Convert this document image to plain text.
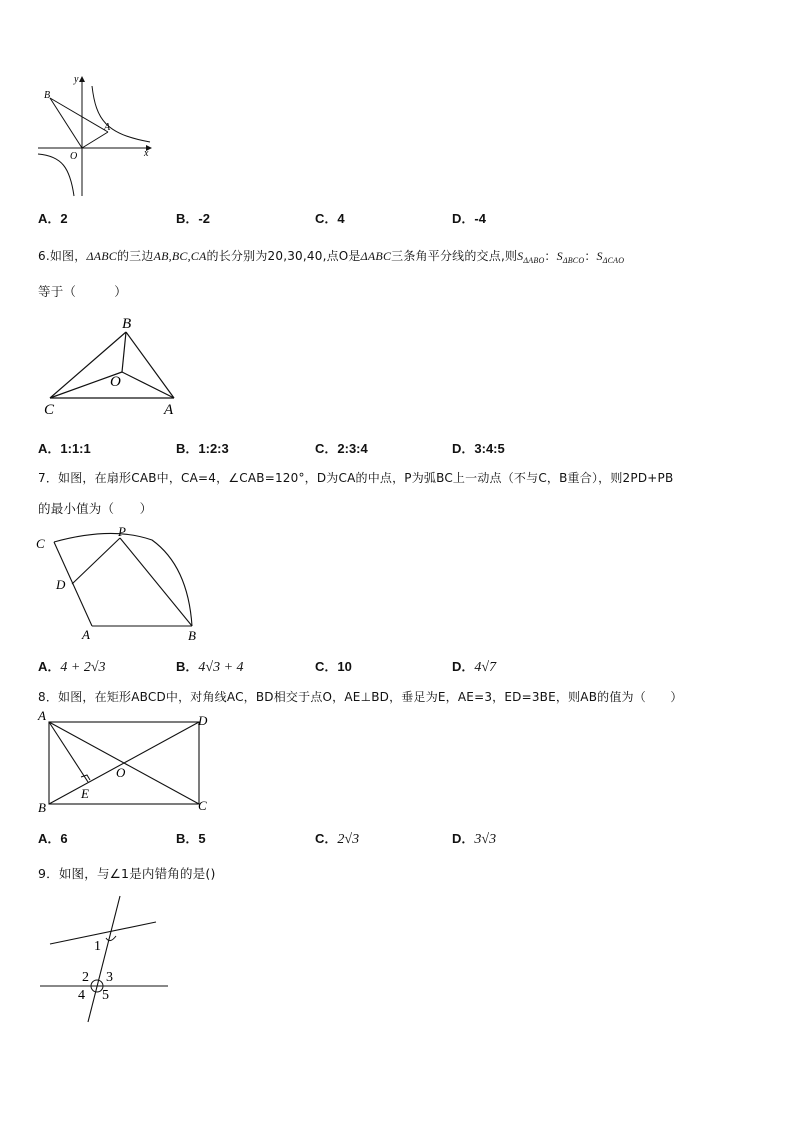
y
x
O
A
B
A．2	B．-2	C．4	D．-4
6.如图，ΔABC的三边AB,BC,CA的长分别为20,30,40,点O是ΔABC三条角平分线的交点,则$S_{\Delta ABO}$：$S_{\Delta BCO}$：$S_{\Delta CAO}$
等于（　　　）
B
C	A
O
A．1:1:1	B．1:2:3	C．2:3:4	D．3:4:5
7．如图，在扇形CAB中，CA=4，∠CAB=120°，D为CA的中点，P为弧BC上一动点（不与C，B重合），则2PD+PB
的最小值为（　　）
C
P
D
A	B
A．4 + 2√3	B．4√3 + 4	C．10	D．4√7
8．如图，在矩形ABCD中，对角线AC，BD相交于点O，AE⊥BD，垂足为E，AE=3，ED=3BE，则AB的值为（　　）
A	D
B	C
O
E
A．6	B．5	C．2√3	D．3√3
9．如图，与∠1是内错角的是()
1
2 3
4 5
